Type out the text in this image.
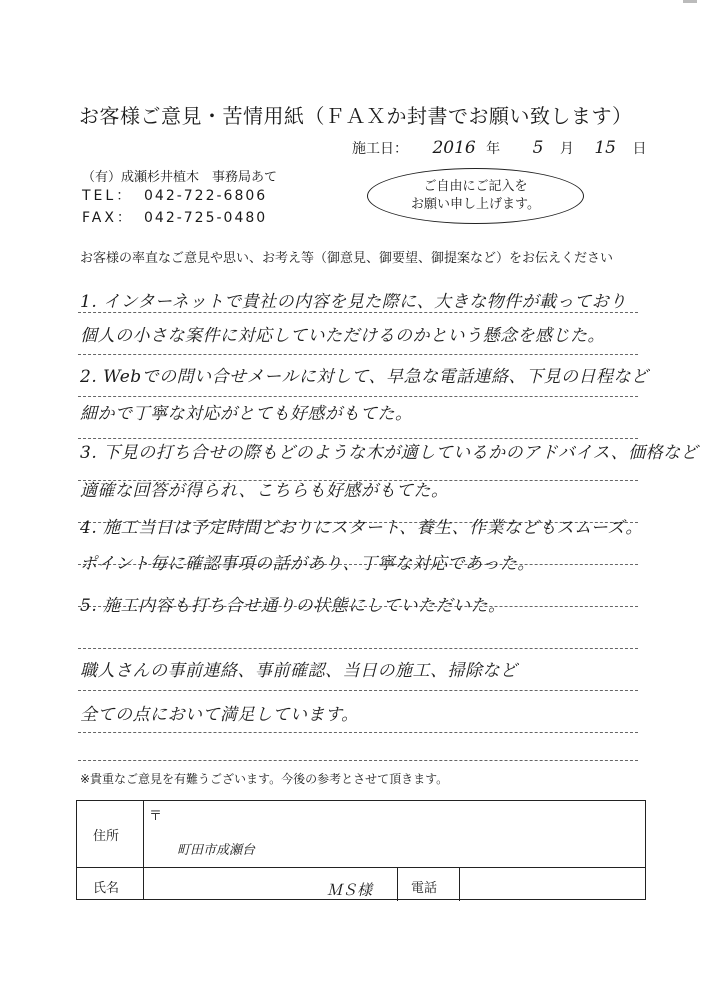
お客様ご意見・苦情用紙（ＦＡＸか封書でお願い致します）
施工日： 2016 年 5 月 15 日
（有）成瀬杉井植木　事務局あて
TEL： 042-722-6806
FAX： 042-725-0480
ご自由にご記入を
お願い申し上げます。
お客様の率直なご意見や思い、お考え等（御意見、御要望、御提案など）をお伝えください
1. インターネットで貴社の内容を見た際に、大きな物件が載っており
個人の小さな案件に対応していただけるのかという懸念を感じた。
2. Webでの問い合せメールに対して、早急な電話連絡、下見の日程など
細かで丁寧な対応がとても好感がもてた。
3. 下見の打ち合せの際もどのような木が適しているかのアドバイス、価格など
適確な回答が得られ、こちらも好感がもてた。
4. 施工当日は予定時間どおりにスタート、養生、作業などもスムーズ。
ポイント毎に確認事項の話があり、丁寧な対応であった。
5. 施工内容も打ち合せ通りの状態にしていただいた。
職人さんの事前連絡、事前確認、当日の施工、掃除など
全ての点において満足しています。
※貴重なご意見を有難うございます。今後の参考とさせて頂きます。
住所
〒
町田市成瀬台
氏名	ＭＳ様	電話
